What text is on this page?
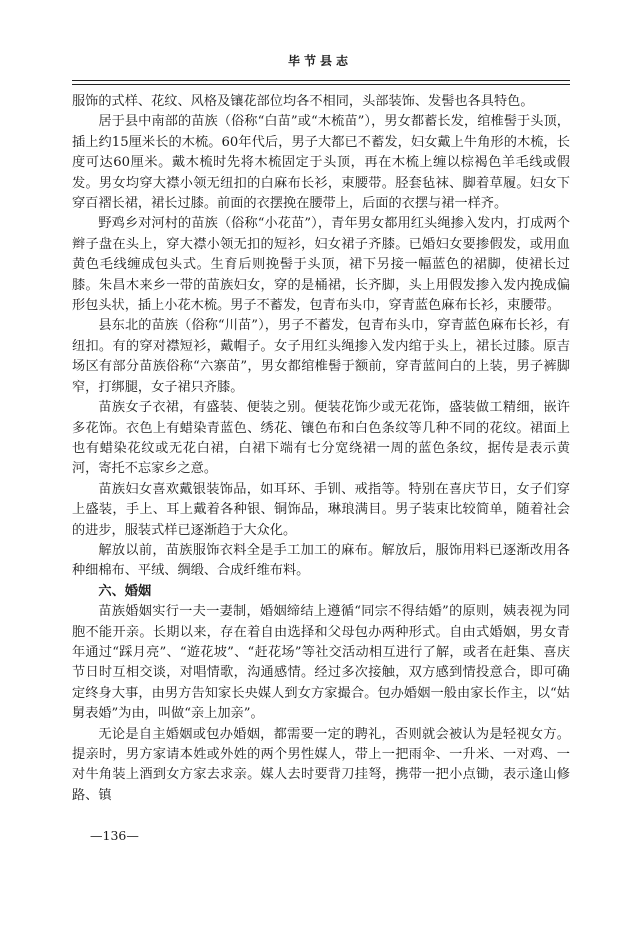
毕节县志

服饰的式样、花纹、风格及镶花部位均各不相同，头部装饰、发髻也各具特色。

居于县中南部的苗族（俗称“白苗”或“木梳苗”），男女都蓄长发，绾椎髻于头顶，插上约15厘米长的木梳。60年代后，男子大都已不蓄发，妇女戴上牛角形的木梳，长度可达60厘米。戴木梳时先将木梳固定于头顶，再在木梳上缠以棕褐色羊毛线或假发。男女均穿大襟小领无纽扣的白麻布长衫，束腰带。胫套毡袜、脚着草履。妇女下穿百褶长裙，裙长过膝。前面的衣摆挽在腰带上，后面的衣摆与裙一样齐。

野鸡乡对河村的苗族（俗称“小花苗”），青年男女都用红头绳掺入发内，打成两个辫子盘在头上，穿大襟小领无扣的短衫，妇女裙子齐膝。已婚妇女要掺假发，或用血黄色毛线缠成包头式。生育后则挽髻于头顶，裙下另接一幅蓝色的裙脚，使裙长过膝。朱昌木来乡一带的苗族妇女，穿的是桶裙，长齐脚，头上用假发掺入发内挽成偏形包头状，插上小花木梳。男子不蓄发，包青布头巾，穿青蓝色麻布长衫，束腰带。

县东北的苗族（俗称“川苗”），男子不蓄发，包青布头巾，穿青蓝色麻布长衫，有纽扣。有的穿对襟短衫，戴帽子。女子用红头绳掺入发内绾于头上，裙长过膝。原吉场区有部分苗族俗称“六寨苗”，男女都绾椎髻于额前，穿青蓝间白的上装，男子裤脚窄，打绑腿，女子裙只齐膝。

苗族女子衣裙，有盛装、便装之别。便装花饰少或无花饰，盛装做工精细，嵌许多花饰。衣色上有蜡染青蓝色、绣花、镶色布和白色条纹等几种不同的花纹。裙面上也有蜡染花纹或无花白裙，白裙下端有七分宽绕裙一周的蓝色条纹，据传是表示黄河，寄托不忘家乡之意。

苗族妇女喜欢戴银装饰品，如耳环、手钏、戒指等。特别在喜庆节日，女子们穿上盛装，手上、耳上戴着各种银、铜饰品，琳琅满目。男子装束比较简单，随着社会的进步，服装式样已逐渐趋于大众化。

解放以前，苗族服饰衣料全是手工加工的麻布。解放后，服饰用料已逐渐改用各种细棉布、平绒、绸缎、合成纤维布料。

六、婚姻

苗族婚姻实行一夫一妻制，婚姻缔结上遵循“同宗不得结婚”的原则，姨表视为同胞不能开亲。长期以来，存在着自由选择和父母包办两种形式。自由式婚姻，男女青年通过“踩月亮”、“遊花坡”、“赶花场”等社交活动相互进行了解，或者在赶集、喜庆节日时互相交谈，对唱情歌，沟通感情。经过多次接触，双方感到情投意合，即可确定终身大事，由男方告知家长央媒人到女方家撮合。包办婚姻一般由家长作主，以“姑舅表婚”为由，叫做“亲上加亲”。

无论是自主婚姻或包办婚姻，都需要一定的聘礼，否则就会被认为是轻视女方。提亲时，男方家请本姓或外姓的两个男性媒人，带上一把雨伞、一升米、一对鸡、一对牛角装上酒到女方家去求亲。媒人去时要背刀挂弩，携带一把小点锄，表示逢山修路、镇

—136—
